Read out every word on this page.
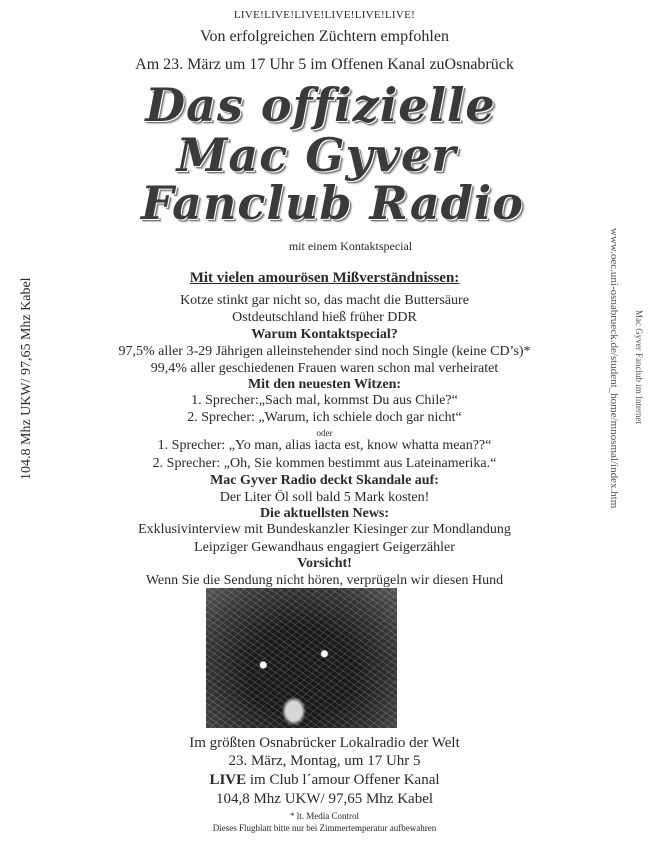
LIVE!LIVE!LIVE!LIVE!LIVE!LIVE!
Von erfolgreichen Züchtern empfohlen
Am 23. März um 17 Uhr 5 im Offenen Kanal zuOsnabrück
Das offizielle
Mac Gyver
Fanclub Radio
mit einem Kontaktspecial
Mit vielen amourösen Mißverständnissen:
Kotze stinkt gar nicht so, das macht die Buttersäure
Ostdeutschland hieß früher DDR
Warum Kontaktspecial?
97,5% aller 3-29 Jährigen alleinstehender sind noch Single (keine CD’s)*
99,4% aller geschiedenen Frauen waren schon mal verheiratet
Mit den neuesten Witzen:
1. Sprecher:„Sach mal, kommst Du aus Chile?“
2. Sprecher: „Warum, ich schiele doch gar nicht“
oder
1. Sprecher: „Yo man, alias iacta est, know whatta mean??“
2. Sprecher: „Oh, Sie kommen bestimmt aus Lateinamerika.“
Mac Gyver Radio deckt Skandale auf:
Der Liter Öl soll bald 5 Mark kosten!
Die aktuellsten News:
Exklusivinterview mit Bundeskanzler Kiesinger zur Mondlandung
Leipziger Gewandhaus engagiert Geigerzähler
Vorsicht!
Wenn Sie die Sendung nicht hören, verprügeln wir diesen Hund
Im größten Osnabrücker Lokalradio der Welt
23. März, Montag, um 17 Uhr 5
LIVE im Club l´amour Offener Kanal
104,8 Mhz UKW/ 97,65 Mhz Kabel
* lt. Media Control
Dieses Flugblatt bitte nur bei Zimmertemperatur aufbewahren
104.8 Mhz UKW/ 97,65 Mhz Kabel	www.oec.uni-osnabrueck.de/student_home/mnosmal/index.htm Mac Gyver Fanclub im Internet
